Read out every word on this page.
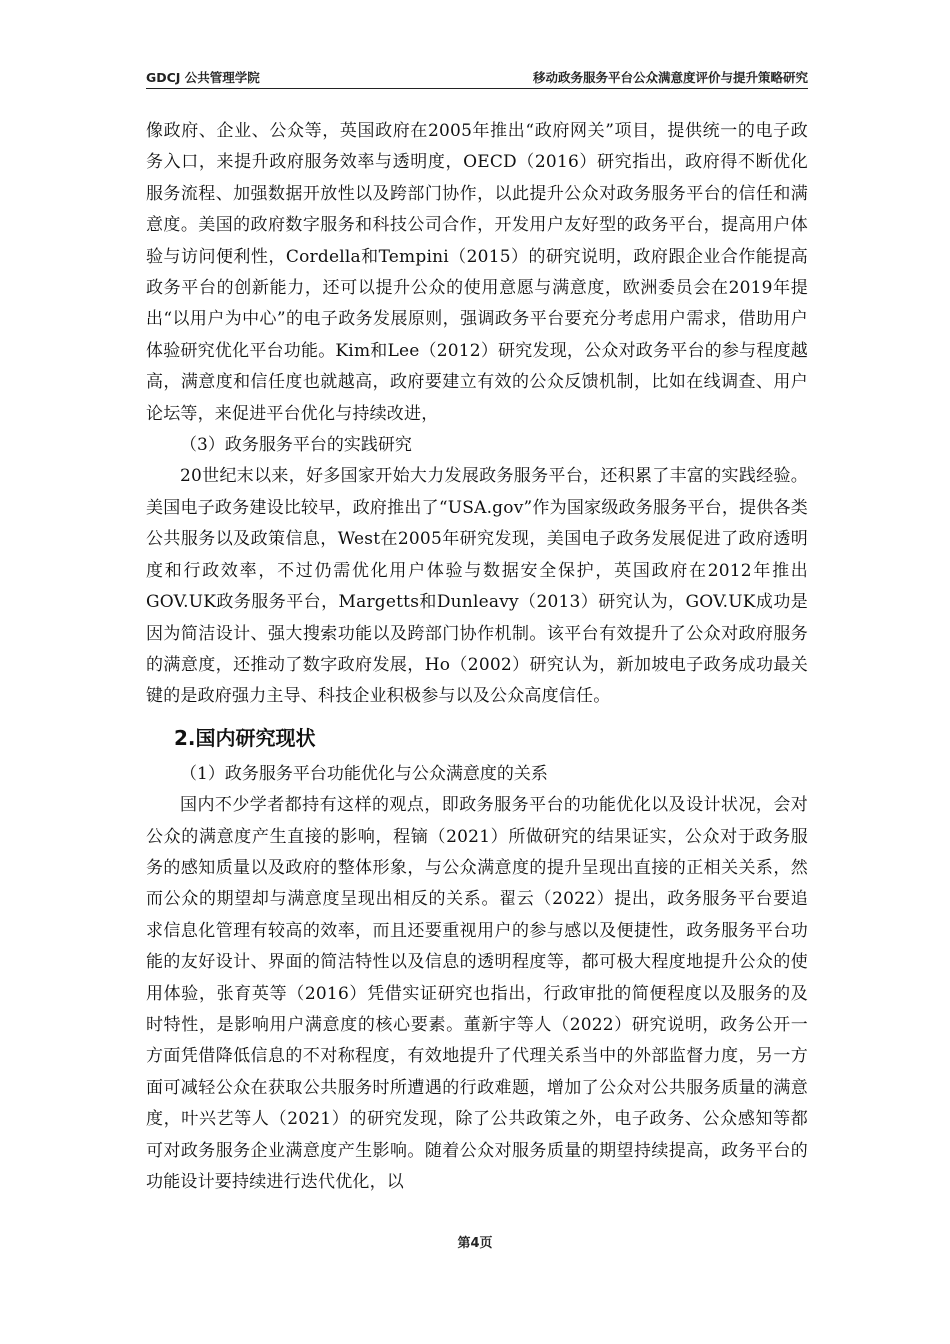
GDCJ 公共管理学院	移动政务服务平台公众满意度评价与提升策略研究

像政府、企业、公众等，英国政府在2005年推出“政府网关”项目，提供统一的电子政务入口，来提升政府服务效率与透明度，OECD（2016）研究指出，政府得不断优化服务流程、加强数据开放性以及跨部门协作，以此提升公众对政务服务平台的信任和满意度。美国的政府数字服务和科技公司合作，开发用户友好型的政务平台，提高用户体验与访问便利性，Cordella和Tempini（2015）的研究说明，政府跟企业合作能提高政务平台的创新能力，还可以提升公众的使用意愿与满意度，欧洲委员会在2019年提出“以用户为中心”的电子政务发展原则，强调政务平台要充分考虑用户需求，借助用户体验研究优化平台功能。Kim和Lee（2012）研究发现，公众对政务平台的参与程度越高，满意度和信任度也就越高，政府要建立有效的公众反馈机制，比如在线调查、用户论坛等，来促进平台优化与持续改进，

（3）政务服务平台的实践研究

20世纪末以来，好多国家开始大力发展政务服务平台，还积累了丰富的实践经验。美国电子政务建设比较早，政府推出了“USA.gov”作为国家级政务服务平台，提供各类公共服务以及政策信息，West在2005年研究发现，美国电子政务发展促进了政府透明度和行政效率，不过仍需优化用户体验与数据安全保护，英国政府在2012年推出GOV.UK政务服务平台，Margetts和Dunleavy（2013）研究认为，GOV.UK成功是因为简洁设计、强大搜索功能以及跨部门协作机制。该平台有效提升了公众对政府服务的满意度，还推动了数字政府发展，Ho（2002）研究认为，新加坡电子政务成功最关键的是政府强力主导、科技企业积极参与以及公众高度信任。

2.国内研究现状

（1）政务服务平台功能优化与公众满意度的关系

国内不少学者都持有这样的观点，即政务服务平台的功能优化以及设计状况，会对公众的满意度产生直接的影响，程镝（2021）所做研究的结果证实，公众对于政务服务的感知质量以及政府的整体形象，与公众满意度的提升呈现出直接的正相关关系，然而公众的期望却与满意度呈现出相反的关系。翟云（2022）提出，政务服务平台要追求信息化管理有较高的效率，而且还要重视用户的参与感以及便捷性，政务服务平台功能的友好设计、界面的简洁特性以及信息的透明程度等，都可极大程度地提升公众的使用体验，张育英等（2016）凭借实证研究也指出，行政审批的简便程度以及服务的及时特性，是影响用户满意度的核心要素。董新宇等人（2022）研究说明，政务公开一方面凭借降低信息的不对称程度，有效地提升了代理关系当中的外部监督力度，另一方面可减轻公众在获取公共服务时所遭遇的行政难题，增加了公众对公共服务质量的满意度，叶兴艺等人（2021）的研究发现，除了公共政策之外，电子政务、公众感知等都可对政务服务企业满意度产生影响。随着公众对服务质量的期望持续提高，政务平台的功能设计要持续进行迭代优化，以

第4页
